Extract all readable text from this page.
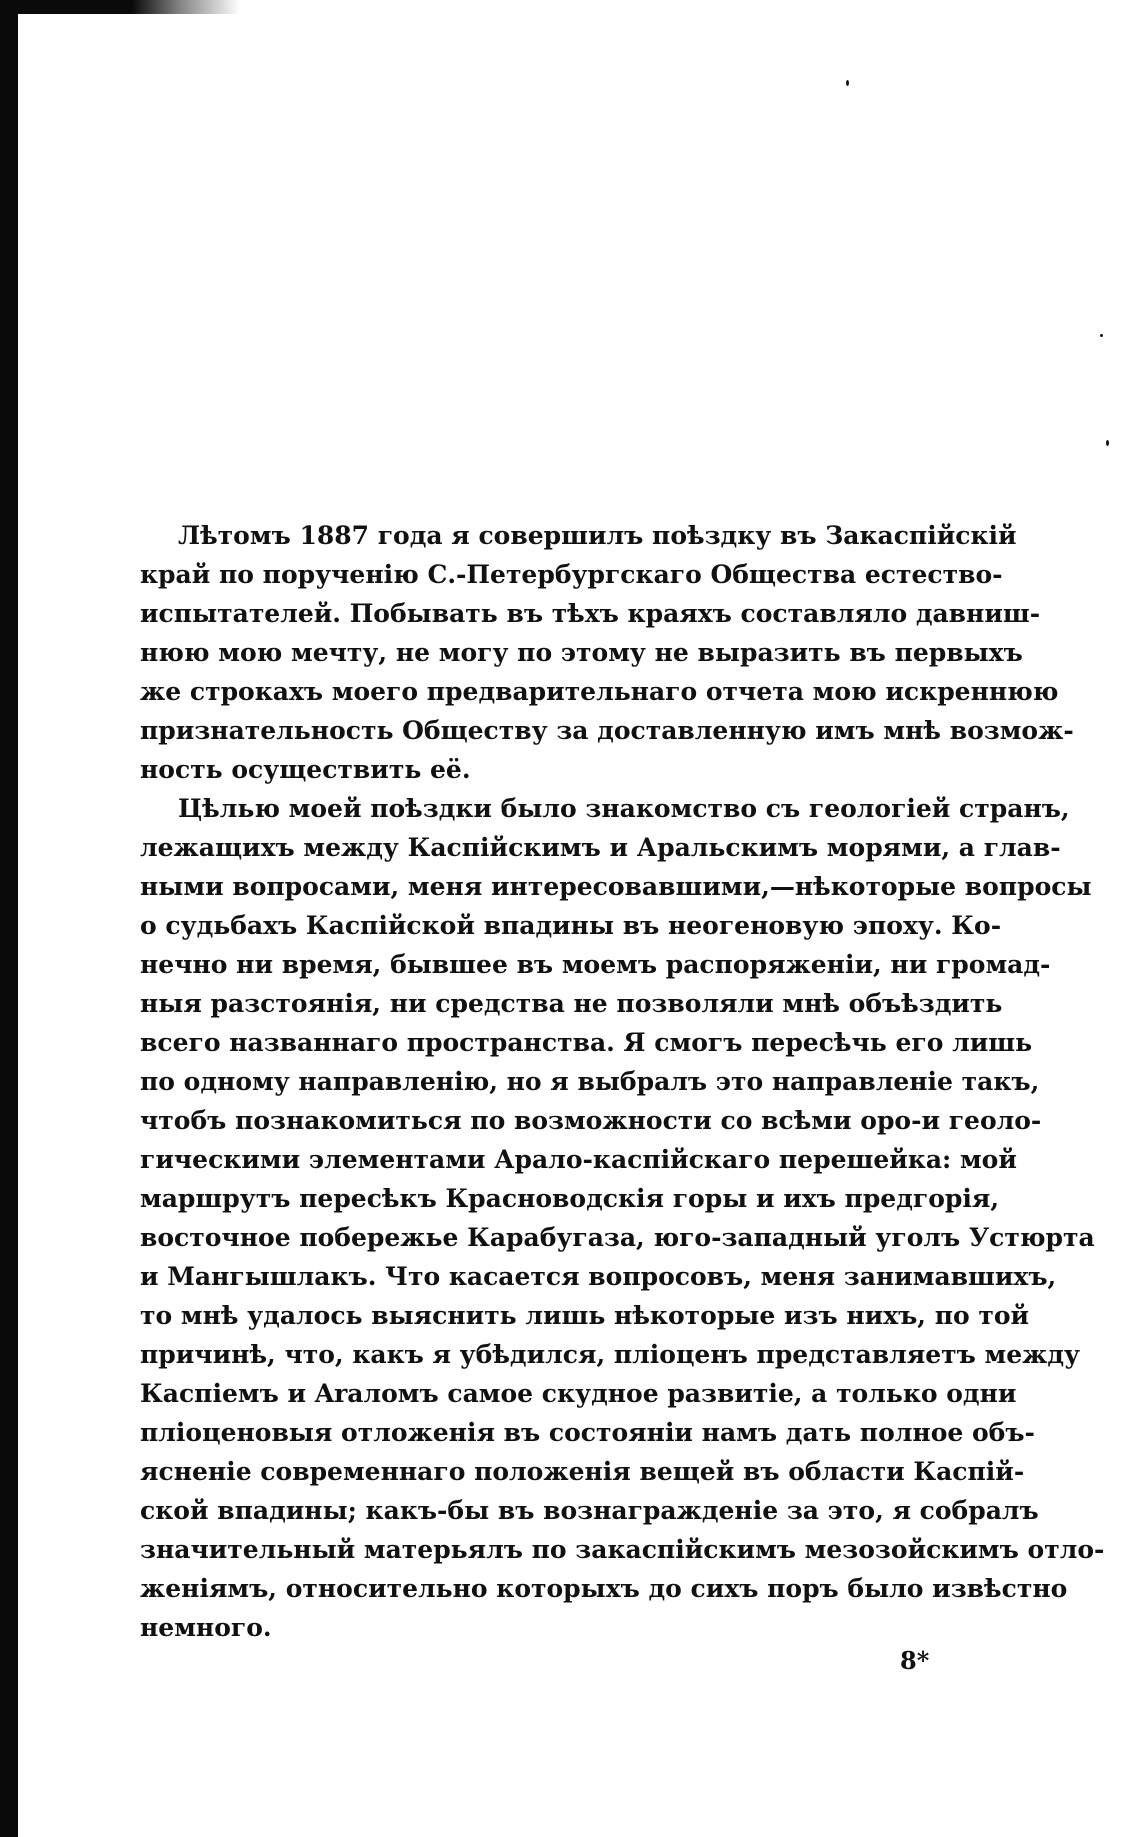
Лѣтомъ 1887 года я совершилъ поѣздку въ Закаспійскій
край по порученію С.-Петербургскаго Общества естество-
испытателей. Побывать въ тѣхъ краяхъ составляло давниш-
нюю мою мечту, не могу по этому не выразить въ первыхъ
же строкахъ моего предварительнаго отчета мою искреннюю
признательность Обществу за доставленную имъ мнѣ возмож-
ность осуществить её.
Цѣлью моей поѣздки было знакомство съ геологіей странъ,
лежащихъ между Каспійскимъ и Аральскимъ морями, а глав-
ными вопросами, меня интересовавшими,—нѣкоторые вопросы
о судьбахъ Каспійской впадины въ неогеновую эпоху. Ко-
нечно ни время, бывшее въ моемъ распоряженіи, ни громад-
ныя разстоянія, ни средства не позволяли мнѣ объѣздить
всего названнаго пространства. Я смогъ пересѣчь его лишь
по одному направленію, но я выбралъ это направленіе такъ,
чтобъ познакомиться по возможности со всѣми оро-и геоло-
гическими элементами Арало-каспійскаго перешейка: мой
маршрутъ пересѣкъ Красноводскія горы и ихъ предгорія,
восточное побережье Карабугаза, юго-западный уголъ Устюрта
и Мангышлакъ. Что касается вопросовъ, меня занимавшихъ,
то мнѣ удалось выяснить лишь нѣкоторые изъ нихъ, по той
причинѣ, что, какъ я убѣдился, пліоценъ представляетъ между
Каспіемъ и Araломъ самое скудное развитіе, а только одни
пліоценовыя отложенія въ состояніи намъ дать полное объ-
ясненіе современнаго положенія вещей въ области Каспій-
ской впадины; какъ-бы въ вознагражденіе за это, я собралъ
значительный матерьялъ по закаспійскимъ мезозойскимъ отло-
женіямъ, относительно которыхъ до сихъ поръ было извѣстно
немного.
8*
